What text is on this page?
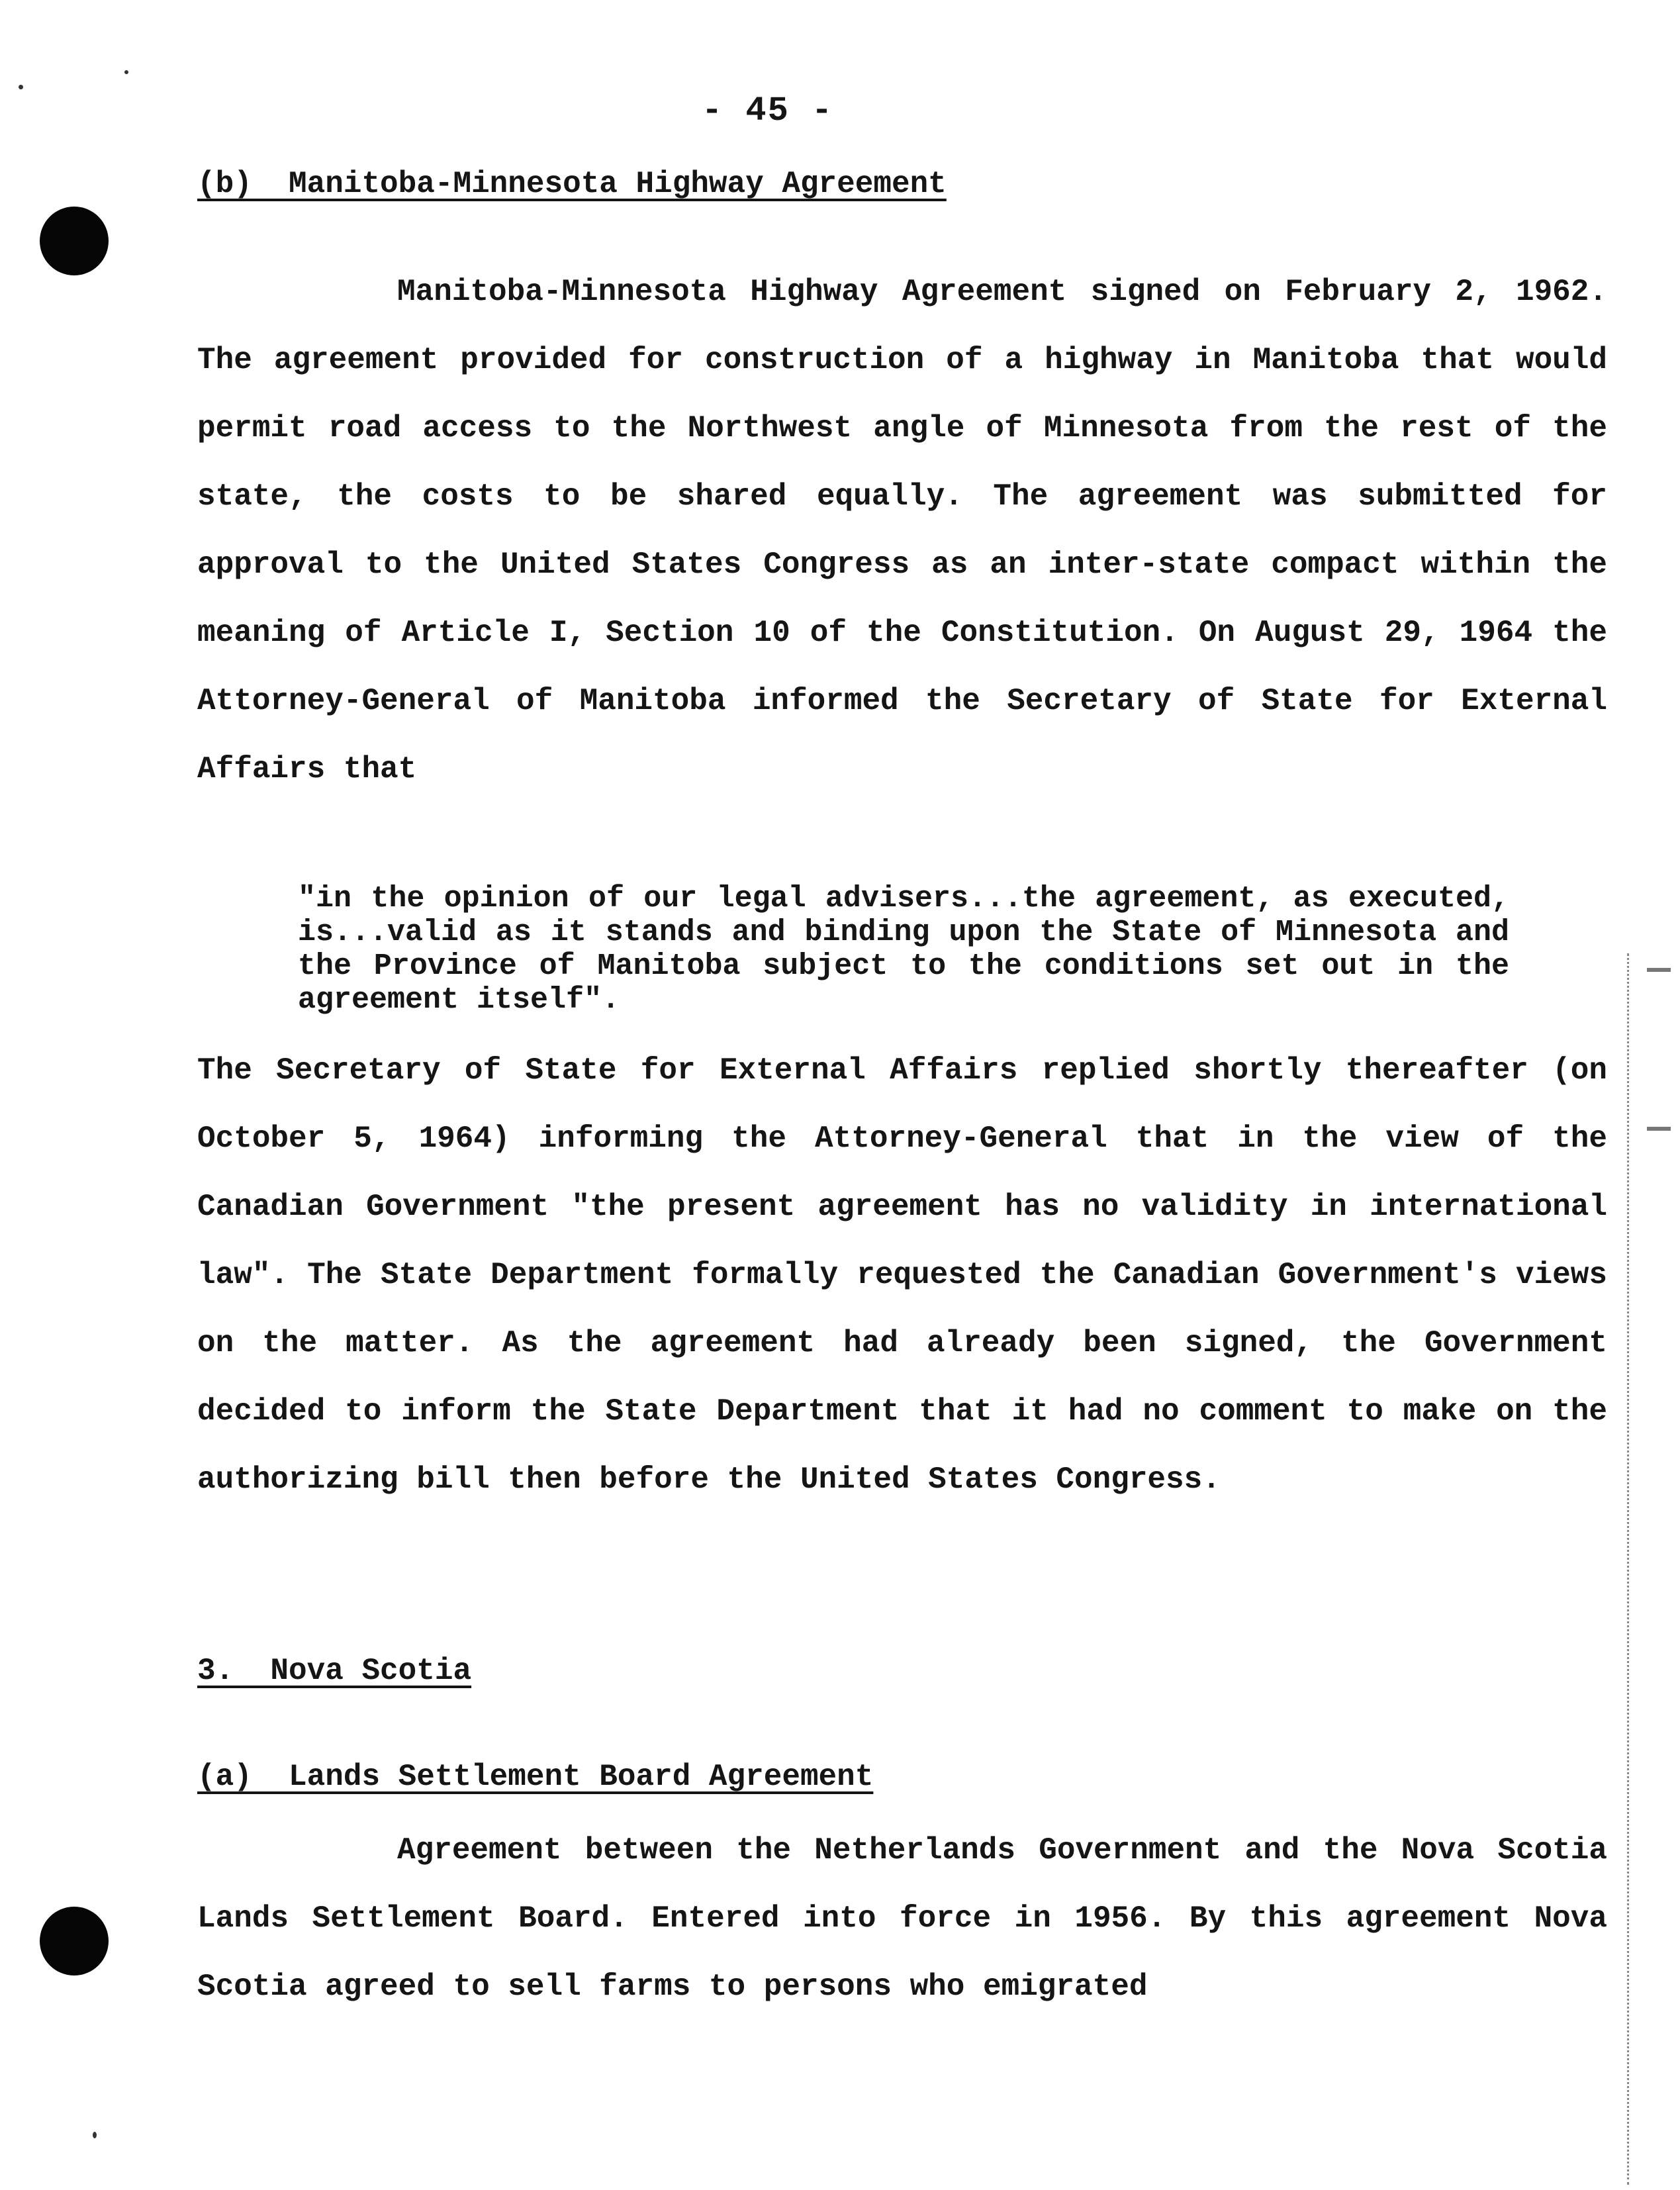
- 45 -

(b)  Manitoba-Minnesota Highway Agreement

Manitoba-Minnesota Highway Agreement signed on February 2, 1962. The agreement provided for construction of a highway in Manitoba that would permit road access to the Northwest angle of Minnesota from the rest of the state, the costs to be shared equally. The agreement was submitted for approval to the United States Congress as an inter-state compact within the meaning of Article I, Section 10 of the Constitution. On August 29, 1964 the Attorney-General of Manitoba informed the Secretary of State for External Affairs that

"in the opinion of our legal advisers...the agreement, as executed, is...valid as it stands and binding upon the State of Minnesota and the Province of Manitoba subject to the conditions set out in the agreement itself".

The Secretary of State for External Affairs replied shortly thereafter (on October 5, 1964) informing the Attorney-General that in the view of the Canadian Government "the present agreement has no validity in international law". The State Department formally requested the Canadian Government's views on the matter. As the agreement had already been signed, the Government decided to inform the State Department that it had no comment to make on the authorizing bill then before the United States Congress.

3.  Nova Scotia

(a)  Lands Settlement Board Agreement

Agreement between the Netherlands Government and the Nova Scotia Lands Settlement Board. Entered into force in 1956. By this agreement Nova Scotia agreed to sell farms to persons who emigrated
